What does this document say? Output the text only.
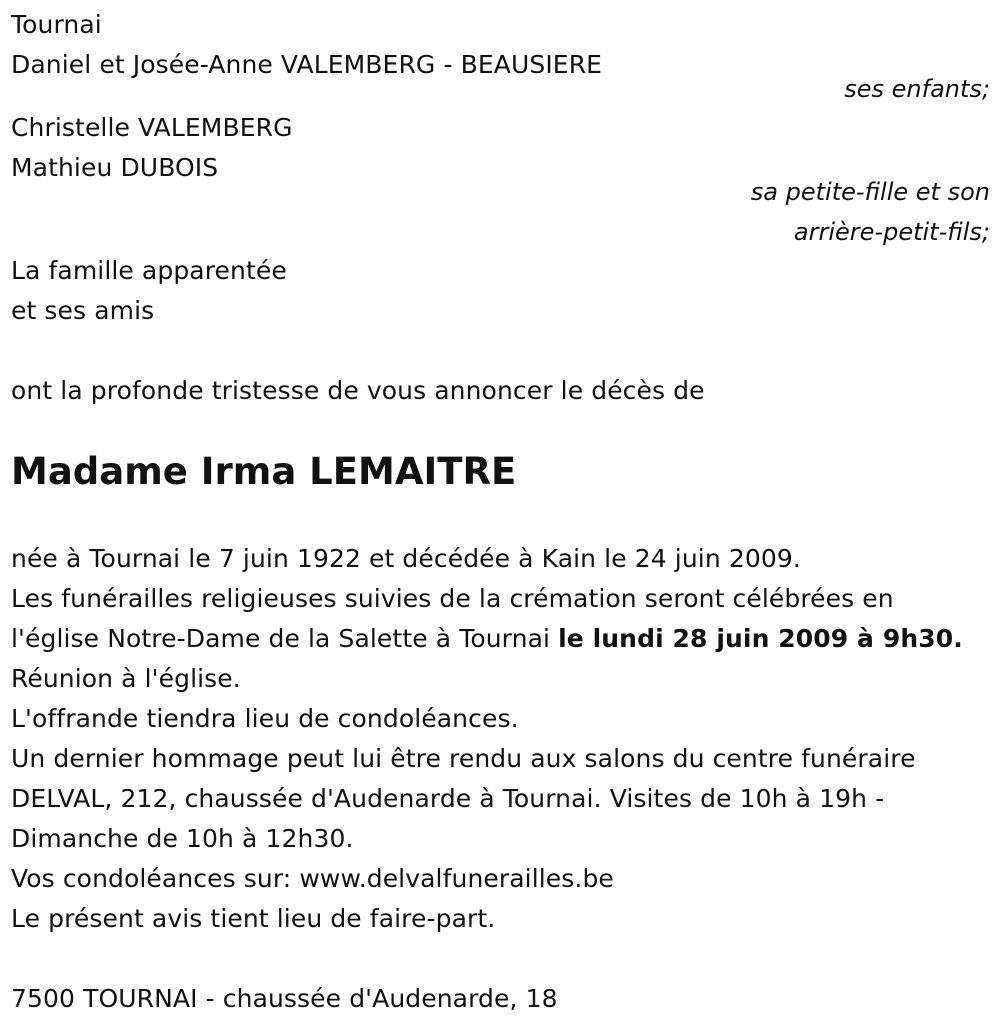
Tournai
Daniel et Josée-Anne VALEMBERG - BEAUSIERE
ses enfants;
Christelle VALEMBERG
Mathieu DUBOIS
sa petite-fille et son
arrière-petit-fils;
La famille apparentée
et ses amis
ont la profonde tristesse de vous annoncer le décès de
Madame Irma LEMAITRE
née à Tournai le 7 juin 1922 et décédée à Kain le 24 juin 2009.
Les funérailles religieuses suivies de la crémation seront célébrées en
l'église Notre-Dame de la Salette à Tournai le lundi 28 juin 2009 à 9h30.
Réunion à l'église.
L'offrande tiendra lieu de condoléances.
Un dernier hommage peut lui être rendu aux salons du centre funéraire
DELVAL, 212, chaussée d'Audenarde à Tournai. Visites de 10h à 19h -
Dimanche de 10h à 12h30.
Vos condoléances sur: www.delvalfunerailles.be
Le présent avis tient lieu de faire-part.
7500 TOURNAI - chaussée d'Audenarde, 18
